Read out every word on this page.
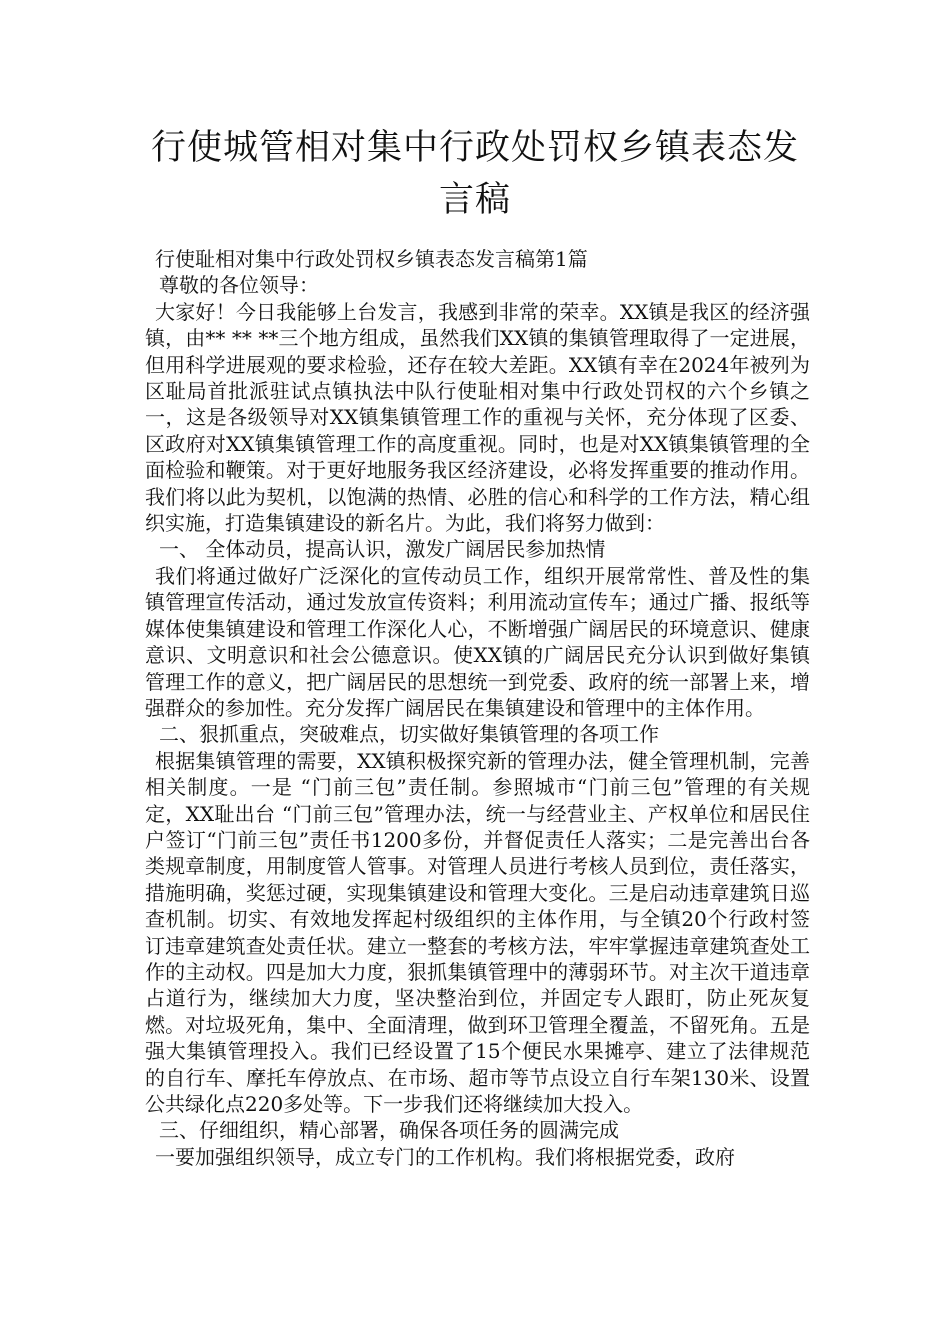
行使城管相对集中行政处罚权乡镇表态发
言稿

行使耻相对集中行政处罚权乡镇表态发言稿第1篇

尊敬的各位领导：

大家好！今日我能够上台发言，我感到非常的荣幸。XX镇是我区的经济强镇，由** ** **三个地方组成，虽然我们XX镇的集镇管理取得了一定进展，但用科学进展观的要求检验，还存在较大差距。XX镇有幸在2024年被列为区耻局首批派驻试点镇执法中队行使耻相对集中行政处罚权的六个乡镇之一，这是各级领导对XX镇集镇管理工作的重视与关怀，充分体现了区委、区政府对XX镇集镇管理工作的高度重视。同时，也是对XX镇集镇管理的全面检验和鞭策。对于更好地服务我区经济建设，必将发挥重要的推动作用。我们将以此为契机，以饱满的热情、必胜的信心和科学的工作方法，精心组织实施，打造集镇建设的新名片。为此，我们将努力做到：

一、 全体动员，提高认识，激发广阔居民参加热情

我们将通过做好广泛深化的宣传动员工作，组织开展常常性、普及性的集镇管理宣传活动，通过发放宣传资料；利用流动宣传车；通过广播、报纸等媒体使集镇建设和管理工作深化人心，不断增强广阔居民的环境意识、健康意识、文明意识和社会公德意识。使XX镇的广阔居民充分认识到做好集镇管理工作的意义，把广阔居民的思想统一到党委、政府的统一部署上来，增强群众的参加性。充分发挥广阔居民在集镇建设和管理中的主体作用。

二、狠抓重点，突破难点，切实做好集镇管理的各项工作

根据集镇管理的需要，XX镇积极探究新的管理办法，健全管理机制，完善相关制度。一是 “门前三包”责任制。参照城市“门前三包”管理的有关规定，XX耻出台 “门前三包”管理办法，统一与经营业主、产权单位和居民住户签订“门前三包”责任书1200多份，并督促责任人落实；二是完善出台各类规章制度，用制度管人管事。对管理人员进行考核人员到位，责任落实，措施明确，奖惩过硬，实现集镇建设和管理大变化。三是启动违章建筑日巡查机制。切实、有效地发挥起村级组织的主体作用，与全镇20个行政村签订违章建筑查处责任状。建立一整套的考核方法，牢牢掌握违章建筑查处工作的主动权。四是加大力度，狠抓集镇管理中的薄弱环节。对主次干道违章占道行为，继续加大力度，坚决整治到位，并固定专人跟盯，防止死灰复燃。对垃圾死角，集中、全面清理，做到环卫管理全覆盖，不留死角。五是强大集镇管理投入。我们已经设置了15个便民水果摊亭、建立了法律规范的自行车、摩托车停放点、在市场、超市等节点设立自行车架130米、设置公共绿化点220多处等。下一步我们还将继续加大投入。

三、仔细组织，精心部署，确保各项任务的圆满完成

一要加强组织领导，成立专门的工作机构。我们将根据党委，政府
